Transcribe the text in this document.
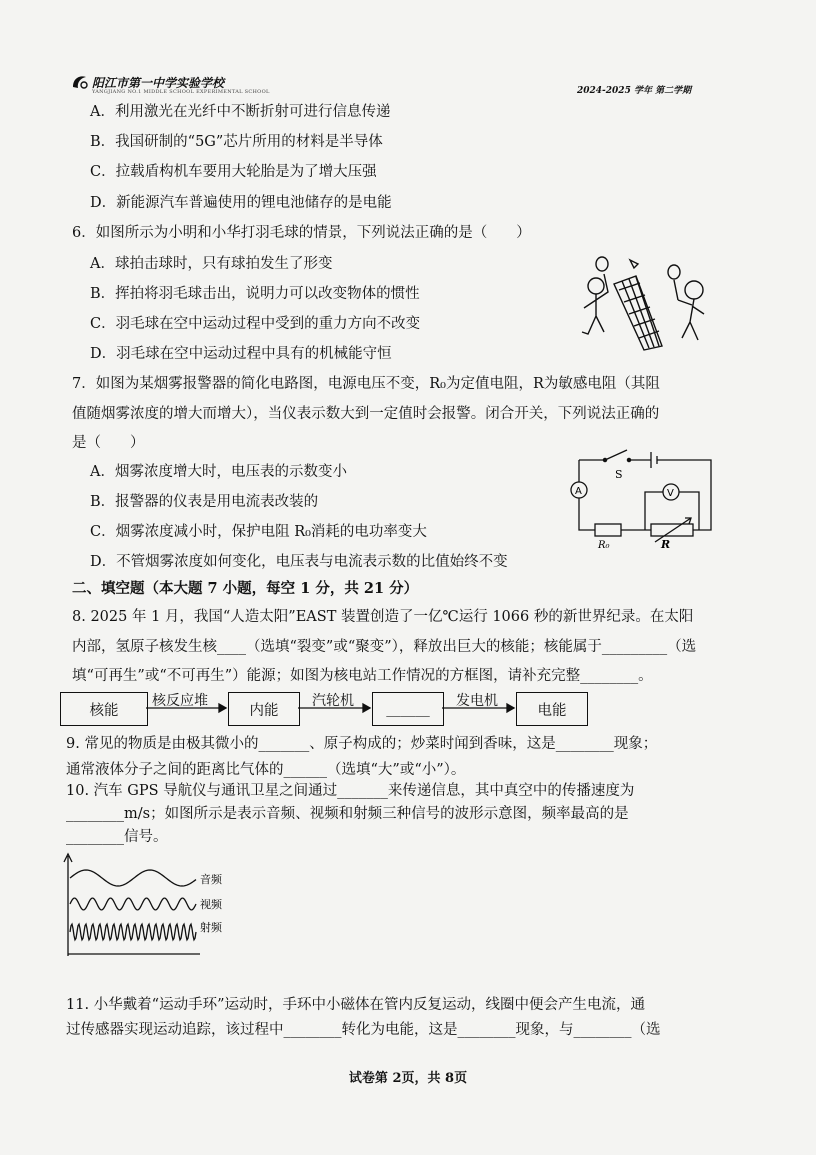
阳江市第一中学实验学校
YANGJIANG NO.1 MIDDLE SCHOOL EXPERIMENTAL SCHOOL	2024-2025 学年 第二学期
A．利用激光在光纤中不断折射可进行信息传递
B．我国研制的“5G”芯片所用的材料是半导体
C．拉载盾构机车要用大轮胎是为了增大压强
D．新能源汽车普遍使用的锂电池储存的是电能
6．如图所示为小明和小华打羽毛球的情景，下列说法正确的是（　　）
A．球拍击球时，只有球拍发生了形变
B．挥拍将羽毛球击出，说明力可以改变物体的惯性
C．羽毛球在空中运动过程中受到的重力方向不改变
D．羽毛球在空中运动过程中具有的机械能守恒
7．如图为某烟雾报警器的简化电路图，电源电压不变，R₀为定值电阻，R为敏感电阻（其阻
值随烟雾浓度的增大而增大），当仪表示数大到一定值时会报警。闭合开关，下列说法正确的
是（　　）
A．烟雾浓度增大时，电压表的示数变小
B．报警器的仪表是用电流表改装的
C．烟雾浓度减小时，保护电阻 R₀消耗的电功率变大
D．不管烟雾浓度如何变化，电压表与电流表示数的比值始终不变
A	V
S
R₀	R
二、填空题（本大题 7 小题，每空 1 分，共 21 分）
8. 2025 年 1 月，我国“人造太阳”EAST 装置创造了一亿℃运行 1066 秒的新世界纪录。在太阳
内部，氢原子核发生核____（选填“裂变”或“聚变”），释放出巨大的核能；核能属于_________（选
填“可再生”或“不可再生”）能源；如图为核电站工作情况的方框图，请补充完整________。
核能	内能	______	电能
核反应堆	汽轮机	发电机
9. 常见的物质是由极其微小的_______、原子构成的；炒菜时闻到香味，这是________现象；
通常液体分子之间的距离比气体的______（选填“大”或“小”）。
10. 汽车 GPS 导航仪与通讯卫星之间通过_______来传递信息，其中真空中的传播速度为
________m/s；如图所示是表示音频、视频和射频三种信号的波形示意图，频率最高的是
________信号。
音频
视频
射频
11. 小华戴着“运动手环”运动时，手环中小磁体在管内反复运动，线圈中便会产生电流，通
过传感器实现运动追踪，该过程中________转化为电能，这是________现象，与________（选
试卷第 2页，共 8页
